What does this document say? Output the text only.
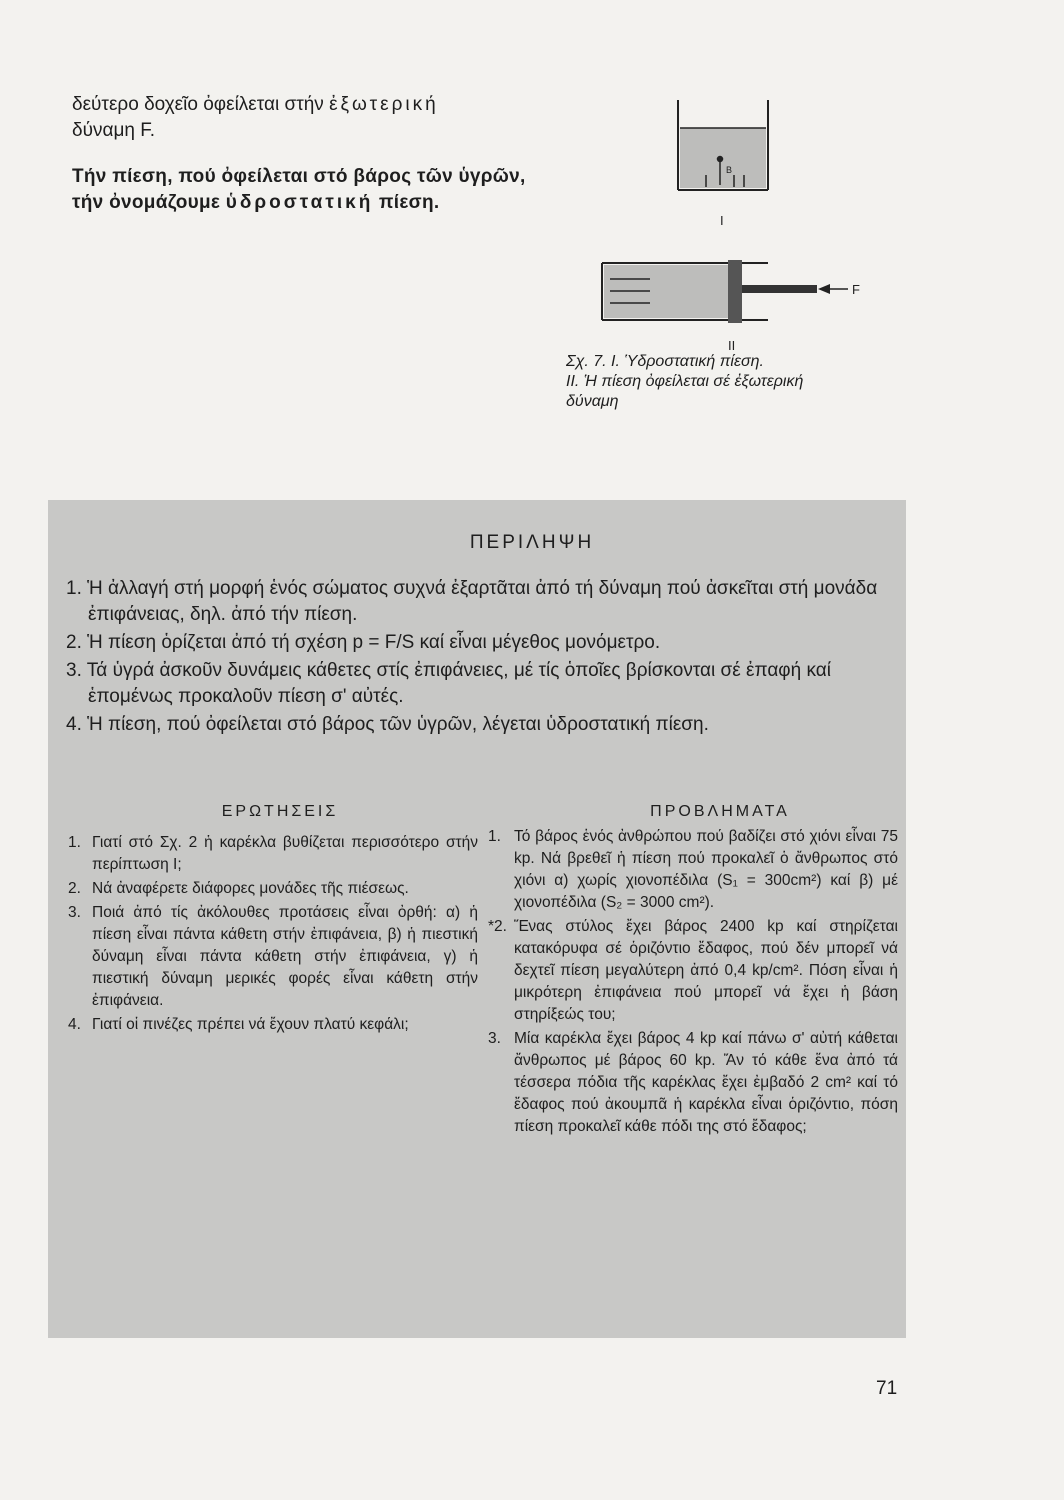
δεύτερο δοχεῖο ὀφείλεται στήν ἐξωτερική

δύναμη F.

Τήν πίεση, πού ὀφείλεται στό βάρος τῶν ὑγρῶν, τήν ὀνομάζουμε ὑδροστατική πίεση.

B
I
F
II
Σχ. 7. I. Ὑδροστατική πίεση.
II. Ἡ πίεση ὀφείλεται σέ ἐξωτερική
δύναμη
ΠΕΡΙΛΗΨΗ
1. Ἡ ἀλλαγή στή μορφή ἑνός σώματος συχνά ἐξαρτᾶται ἀπό τή δύναμη πού ἀσκεῖται στή μονάδα ἐπιφάνειας, δηλ. ἀπό τήν πίεση.
2. Ἡ πίεση ὁρίζεται ἀπό τή σχέση p = F/S καί εἶναι μέγεθος μονόμετρο.
3. Τά ὑγρά ἀσκοῦν δυνάμεις κάθετες στίς ἐπιφάνειες, μέ τίς ὁποῖες βρίσκονται σέ ἐπαφή καί ἑπομένως προκαλοῦν πίεση σ' αὐτές.
4. Ἡ πίεση, πού ὀφείλεται στό βάρος τῶν ὑγρῶν, λέγεται ὑδροστατική πίεση.
ΕΡΩΤΗΣΕΙΣ	ΠΡΟΒΛΗΜΑΤΑ
1. Γιατί στό Σχ. 2 ἡ καρέκλα βυθίζεται περισσότερο στήν περίπτωση I;
2. Νά ἀναφέρετε διάφορες μονάδες τῆς πιέσεως.
3. Ποιά ἀπό τίς ἀκόλουθες προτάσεις εἶναι ὀρθή: α) ἡ πίεση εἶναι πάντα κάθετη στήν ἐπιφάνεια, β) ἡ πιεστική δύναμη εἶναι πάντα κάθετη στήν ἐπιφάνεια, γ) ἡ πιεστική δύναμη μερικές φορές εἶναι κάθετη στήν ἐπιφάνεια.
4. Γιατί οἱ πινέζες πρέπει νά ἔχουν πλατύ κεφάλι;
1. Τό βάρος ἑνός ἀνθρώπου πού βαδίζει στό χιόνι εἶναι 75 kp. Νά βρεθεῖ ἡ πίεση πού προκαλεῖ ὁ ἄνθρωπος στό χιόνι α) χωρίς χιονοπέδιλα (S₁ = 300cm²) καί β) μέ χιονοπέδιλα (S₂ = 3000 cm²).
*2. Ἕνας στύλος ἔχει βάρος 2400 kp καί στηρίζεται κατακόρυφα σέ ὁριζόντιο ἔδαφος, πού δέν μπορεῖ νά δεχτεῖ πίεση μεγαλύτερη ἀπό 0,4 kp/cm². Πόση εἶναι ἡ μικρότερη ἐπιφάνεια πού μπορεῖ νά ἔχει ἡ βάση στηρίξεώς του;
3. Μία καρέκλα ἔχει βάρος 4 kp καί πάνω σ' αὐτή κάθεται ἄνθρωπος μέ βάρος 60 kp. Ἄν τό κάθε ἕνα ἀπό τά τέσσερα πόδια τῆς καρέκλας ἔχει ἐμβαδό 2 cm² καί τό ἔδαφος πού ἀκουμπᾶ ἡ καρέκλα εἶναι ὁριζόντιο, πόση πίεση προκαλεῖ κάθε πόδι της στό ἔδαφος;
71
